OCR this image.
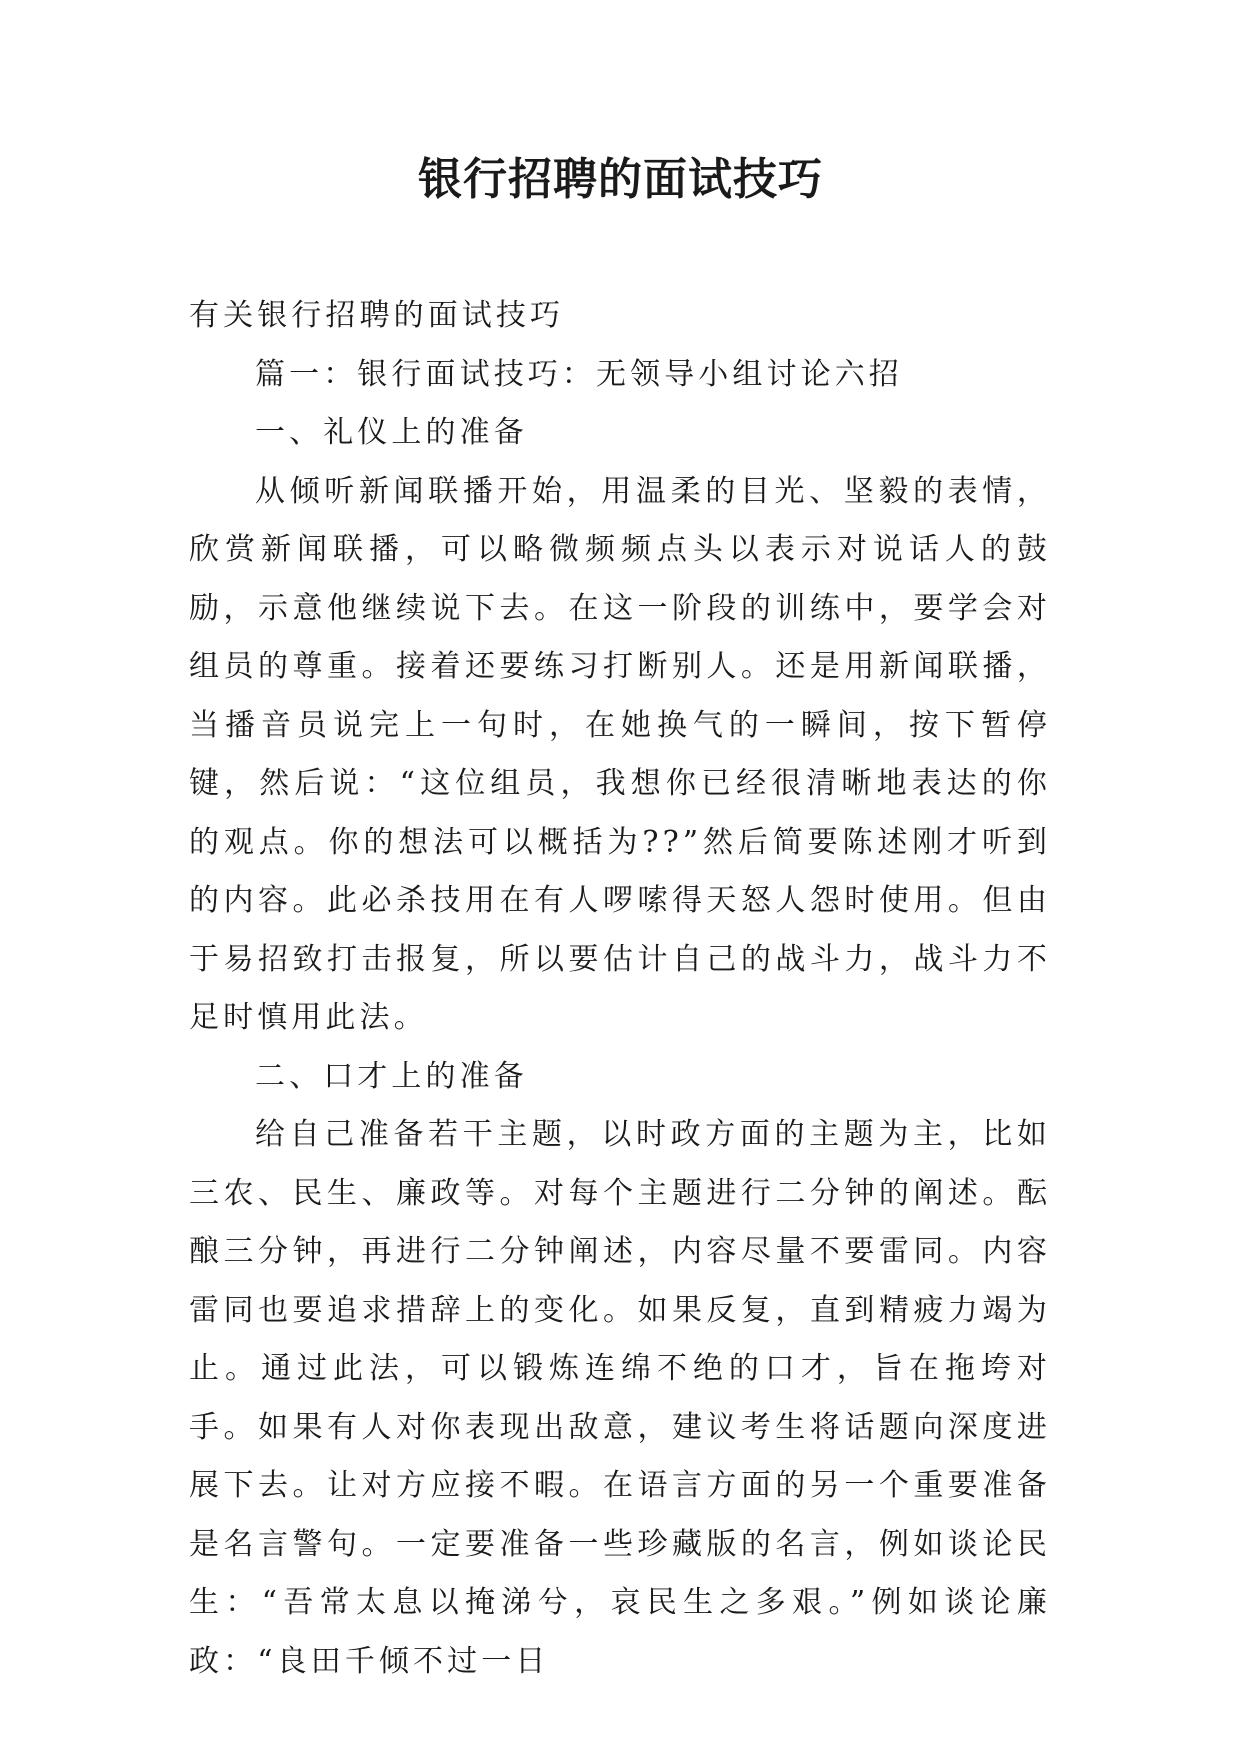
银行招聘的面试技巧

有关银行招聘的面试技巧

篇一：银行面试技巧：无领导小组讨论六招

一、礼仪上的准备

从倾听新闻联播开始，用温柔的目光、坚毅的表情，欣赏新闻联播，可以略微频频点头以表示对说话人的鼓励，示意他继续说下去。在这一阶段的训练中，要学会对组员的尊重。接着还要练习打断别人。还是用新闻联播，当播音员说完上一句时，在她换气的一瞬间，按下暂停键，然后说：“这位组员，我想你已经很清晰地表达的你的观点。你的想法可以概括为??”然后简要陈述刚才听到的内容。此必杀技用在有人啰嗦得天怒人怨时使用。但由于易招致打击报复，所以要估计自己的战斗力，战斗力不足时慎用此法。

二、口才上的准备

给自己准备若干主题，以时政方面的主题为主，比如三农、民生、廉政等。对每个主题进行二分钟的阐述。酝酿三分钟，再进行二分钟阐述，内容尽量不要雷同。内容雷同也要追求措辞上的变化。如果反复，直到精疲力竭为止。通过此法，可以锻炼连绵不绝的口才，旨在拖垮对手。如果有人对你表现出敌意，建议考生将话题向深度进展下去。让对方应接不暇。在语言方面的另一个重要准备是名言警句。一定要准备一些珍藏版的名言，例如谈论民生：“吾常太息以掩涕兮，哀民生之多艰。”例如谈论廉政：“良田千倾不过一日
